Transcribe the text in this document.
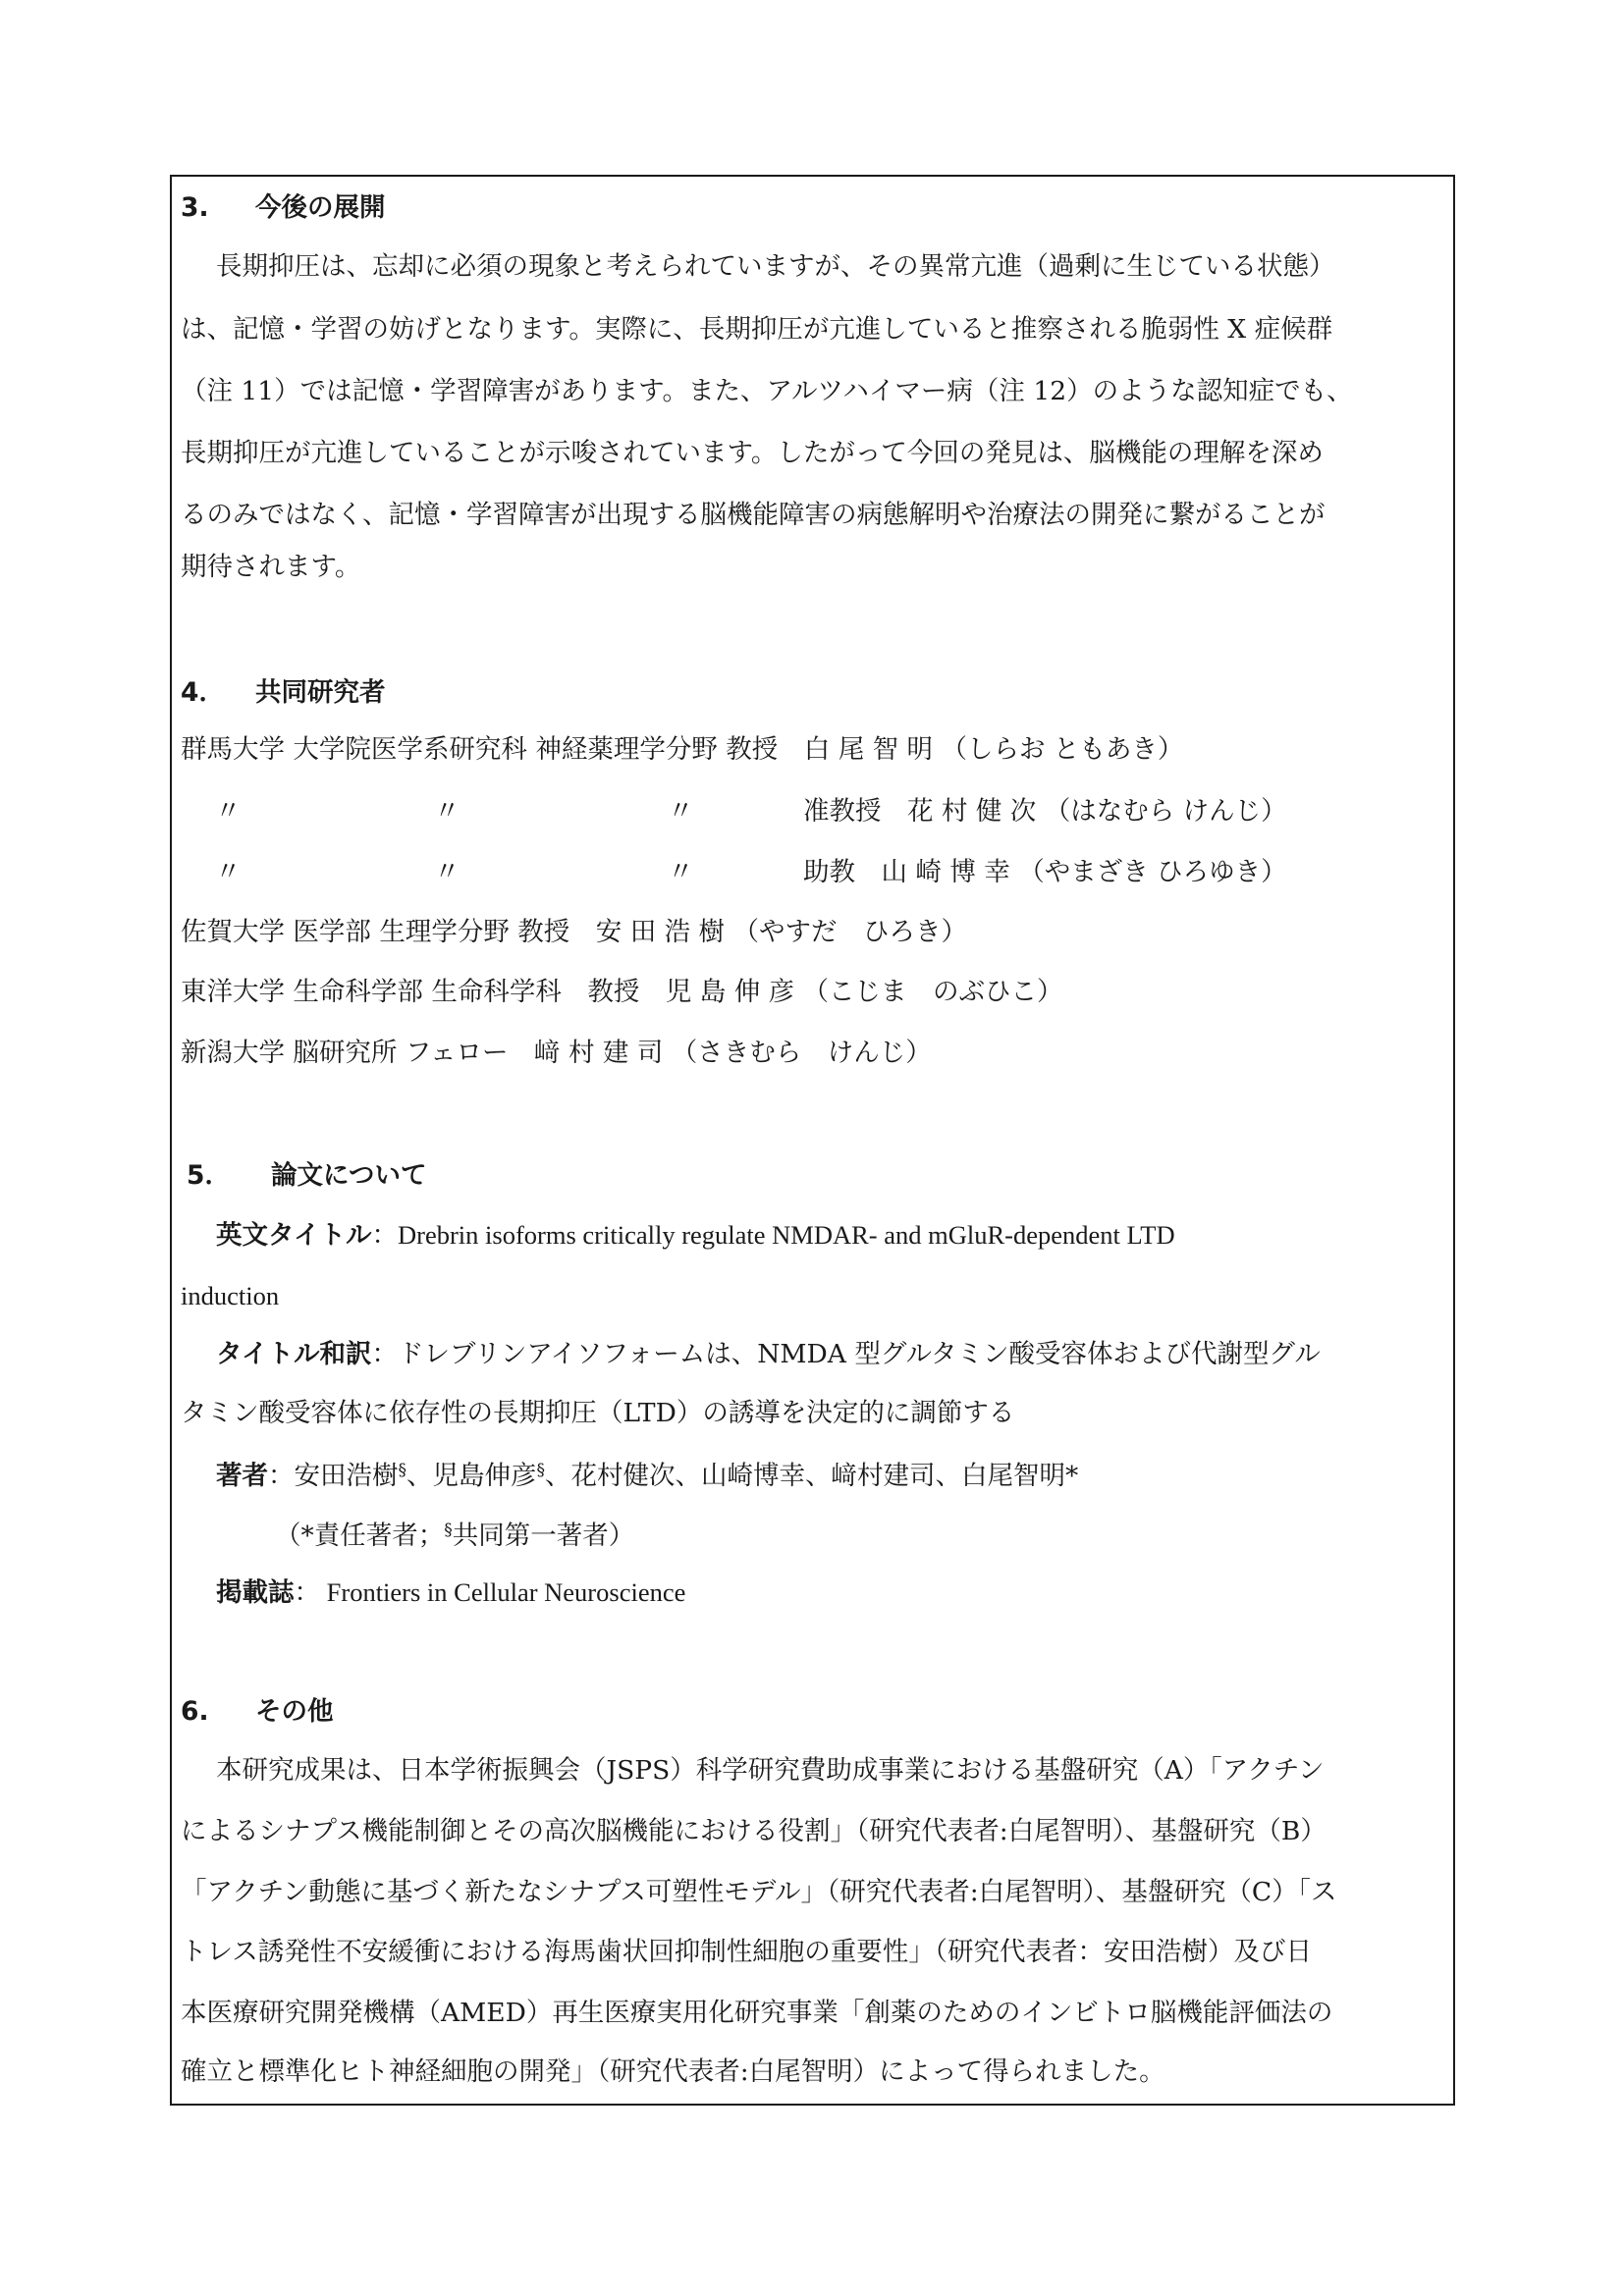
3. 今後の展開
長期抑圧は、忘却に必須の現象と考えられていますが、その異常亢進（過剰に生じている状態）
は、記憶・学習の妨げとなります。実際に、長期抑圧が亢進していると推察される脆弱性 X 症候群
（注 11）では記憶・学習障害があります。また、アルツハイマー病（注 12）のような認知症でも、
長期抑圧が亢進していることが示唆されています。したがって今回の発見は、脳機能の理解を深め
るのみではなく、記憶・学習障害が出現する脳機能障害の病態解明や治療法の開発に繋がることが
期待されます。
4． 共同研究者
群馬大学 大学院医学系研究科 神経薬理学分野 教授　白 尾 智 明 （しらお ともあき）
〃	〃	〃	准教授　花 村 健 次 （はなむら けんじ）
〃	〃	〃	助教　山 崎 博 幸 （やまざき ひろゆき）
佐賀大学 医学部 生理学分野 教授　安 田 浩 樹 （やすだ　ひろき）
東洋大学 生命科学部 生命科学科　教授　児 島 伸 彦 （こじま　のぶひこ）
新潟大学 脳研究所 フェロー　﨑 村 建 司 （さきむら　けんじ）
5． 論文について
英文タイトル：Drebrin isoforms critically regulate NMDAR- and mGluR-dependent LTD
induction
タイトル和訳：ドレブリンアイソフォームは、NMDA 型グルタミン酸受容体および代謝型グル
タミン酸受容体に依存性の長期抑圧（LTD）の誘導を決定的に調節する
著者：安田浩樹§、児島伸彦§、花村健次、山崎博幸、﨑村建司、白尾智明*
（*責任著者；§共同第一著者）
掲載誌： Frontiers in Cellular Neuroscience
6. その他
本研究成果は、日本学術振興会（JSPS）科学研究費助成事業における基盤研究（A）「アクチン
によるシナプス機能制御とその高次脳機能における役割」（研究代表者:白尾智明）、基盤研究（B）
「アクチン動態に基づく新たなシナプス可塑性モデル」（研究代表者:白尾智明）、基盤研究（C）「ス
トレス誘発性不安緩衝における海馬歯状回抑制性細胞の重要性」（研究代表者：安田浩樹）及び日
本医療研究開発機構（AMED）再生医療実用化研究事業「創薬のためのインビトロ脳機能評価法の
確立と標準化ヒト神経細胞の開発」（研究代表者:白尾智明）によって得られました。
